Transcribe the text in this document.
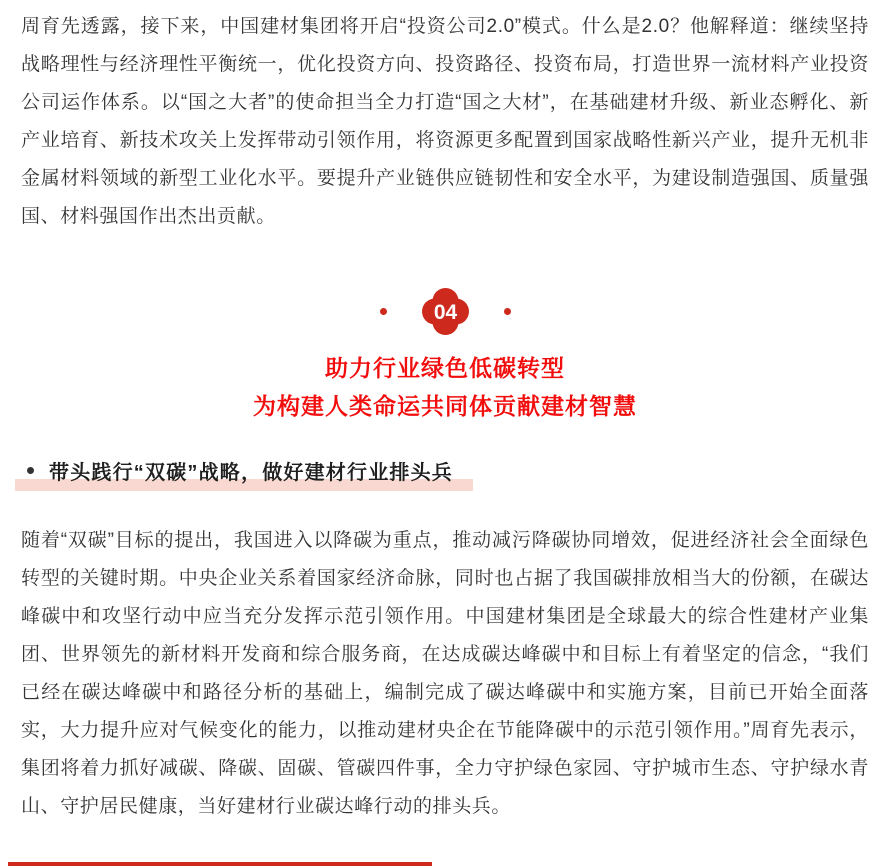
周育先透露，接下来，中国建材集团将开启“投资公司2.0”模式。什么是2.0？他解释道：继续坚持战略理性与经济理性平衡统一，优化投资方向、投资路径、投资布局，打造世界一流材料产业投资公司运作体系。以“国之大者”的使命担当全力打造“国之大材”，在基础建材升级、新业态孵化、新产业培育、新技术攻关上发挥带动引领作用，将资源更多配置到国家战略性新兴产业，提升无机非金属材料领域的新型工业化水平。要提升产业链供应链韧性和安全水平，为建设制造强国、质量强国、材料强国作出杰出贡献。

04
助力行业绿色低碳转型
为构建人类命运共同体贡献建材智慧
带头践行“双碳”战略，做好建材行业排头兵

随着“双碳”目标的提出，我国进入以降碳为重点，推动减污降碳协同增效，促进经济社会全面绿色转型的关键时期。中央企业关系着国家经济命脉，同时也占据了我国碳排放相当大的份额，在碳达峰碳中和攻坚行动中应当充分发挥示范引领作用。中国建材集团是全球最大的综合性建材产业集团、世界领先的新材料开发商和综合服务商，在达成碳达峰碳中和目标上有着坚定的信念，“我们已经在碳达峰碳中和路径分析的基础上，编制完成了碳达峰碳中和实施方案，目前已开始全面落实，大力提升应对气候变化的能力，以推动建材央企在节能降碳中的示范引领作用。”周育先表示，集团将着力抓好减碳、降碳、固碳、管碳四件事，全力守护绿色家园、守护城市生态、守护绿水青山、守护居民健康，当好建材行业碳达峰行动的排头兵。
